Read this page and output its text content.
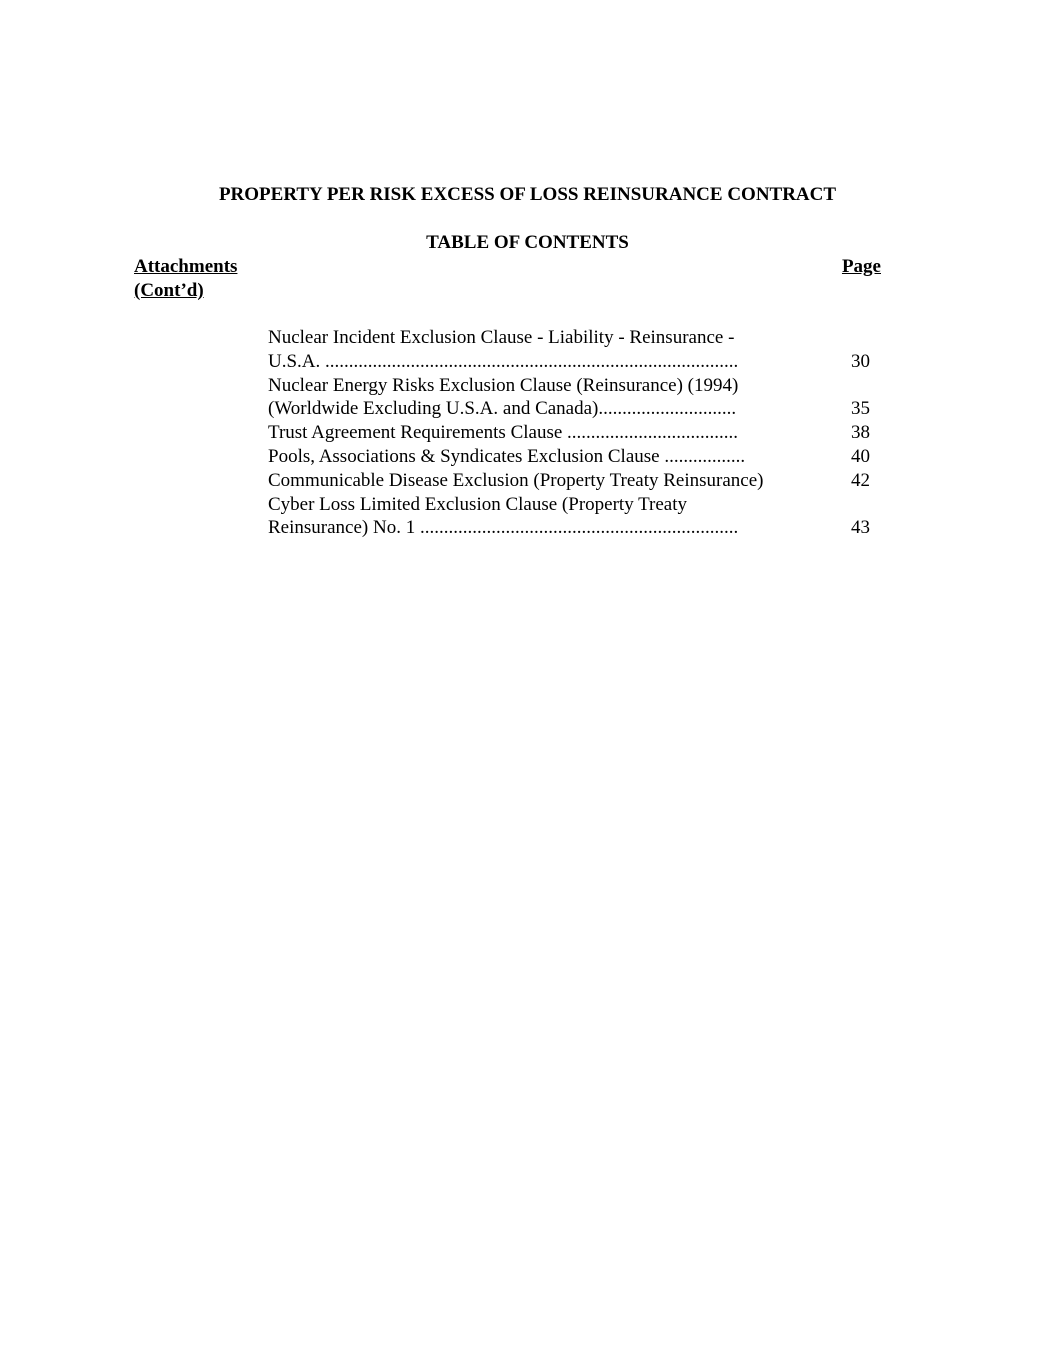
PROPERTY PER RISK EXCESS OF LOSS REINSURANCE CONTRACT
TABLE OF CONTENTS
Attachments
(Cont’d)
Page
Nuclear Incident Exclusion Clause - Liability - Reinsurance -
U.S.A. .......................................................................................	30
Nuclear Energy Risks Exclusion Clause (Reinsurance) (1994)
(Worldwide Excluding U.S.A. and Canada).............................	35
Trust Agreement Requirements Clause ....................................	38
Pools, Associations & Syndicates Exclusion Clause .................	40
Communicable Disease Exclusion (Property Treaty Reinsurance)	42
Cyber Loss Limited Exclusion Clause (Property Treaty
Reinsurance) No. 1 ...................................................................	43
